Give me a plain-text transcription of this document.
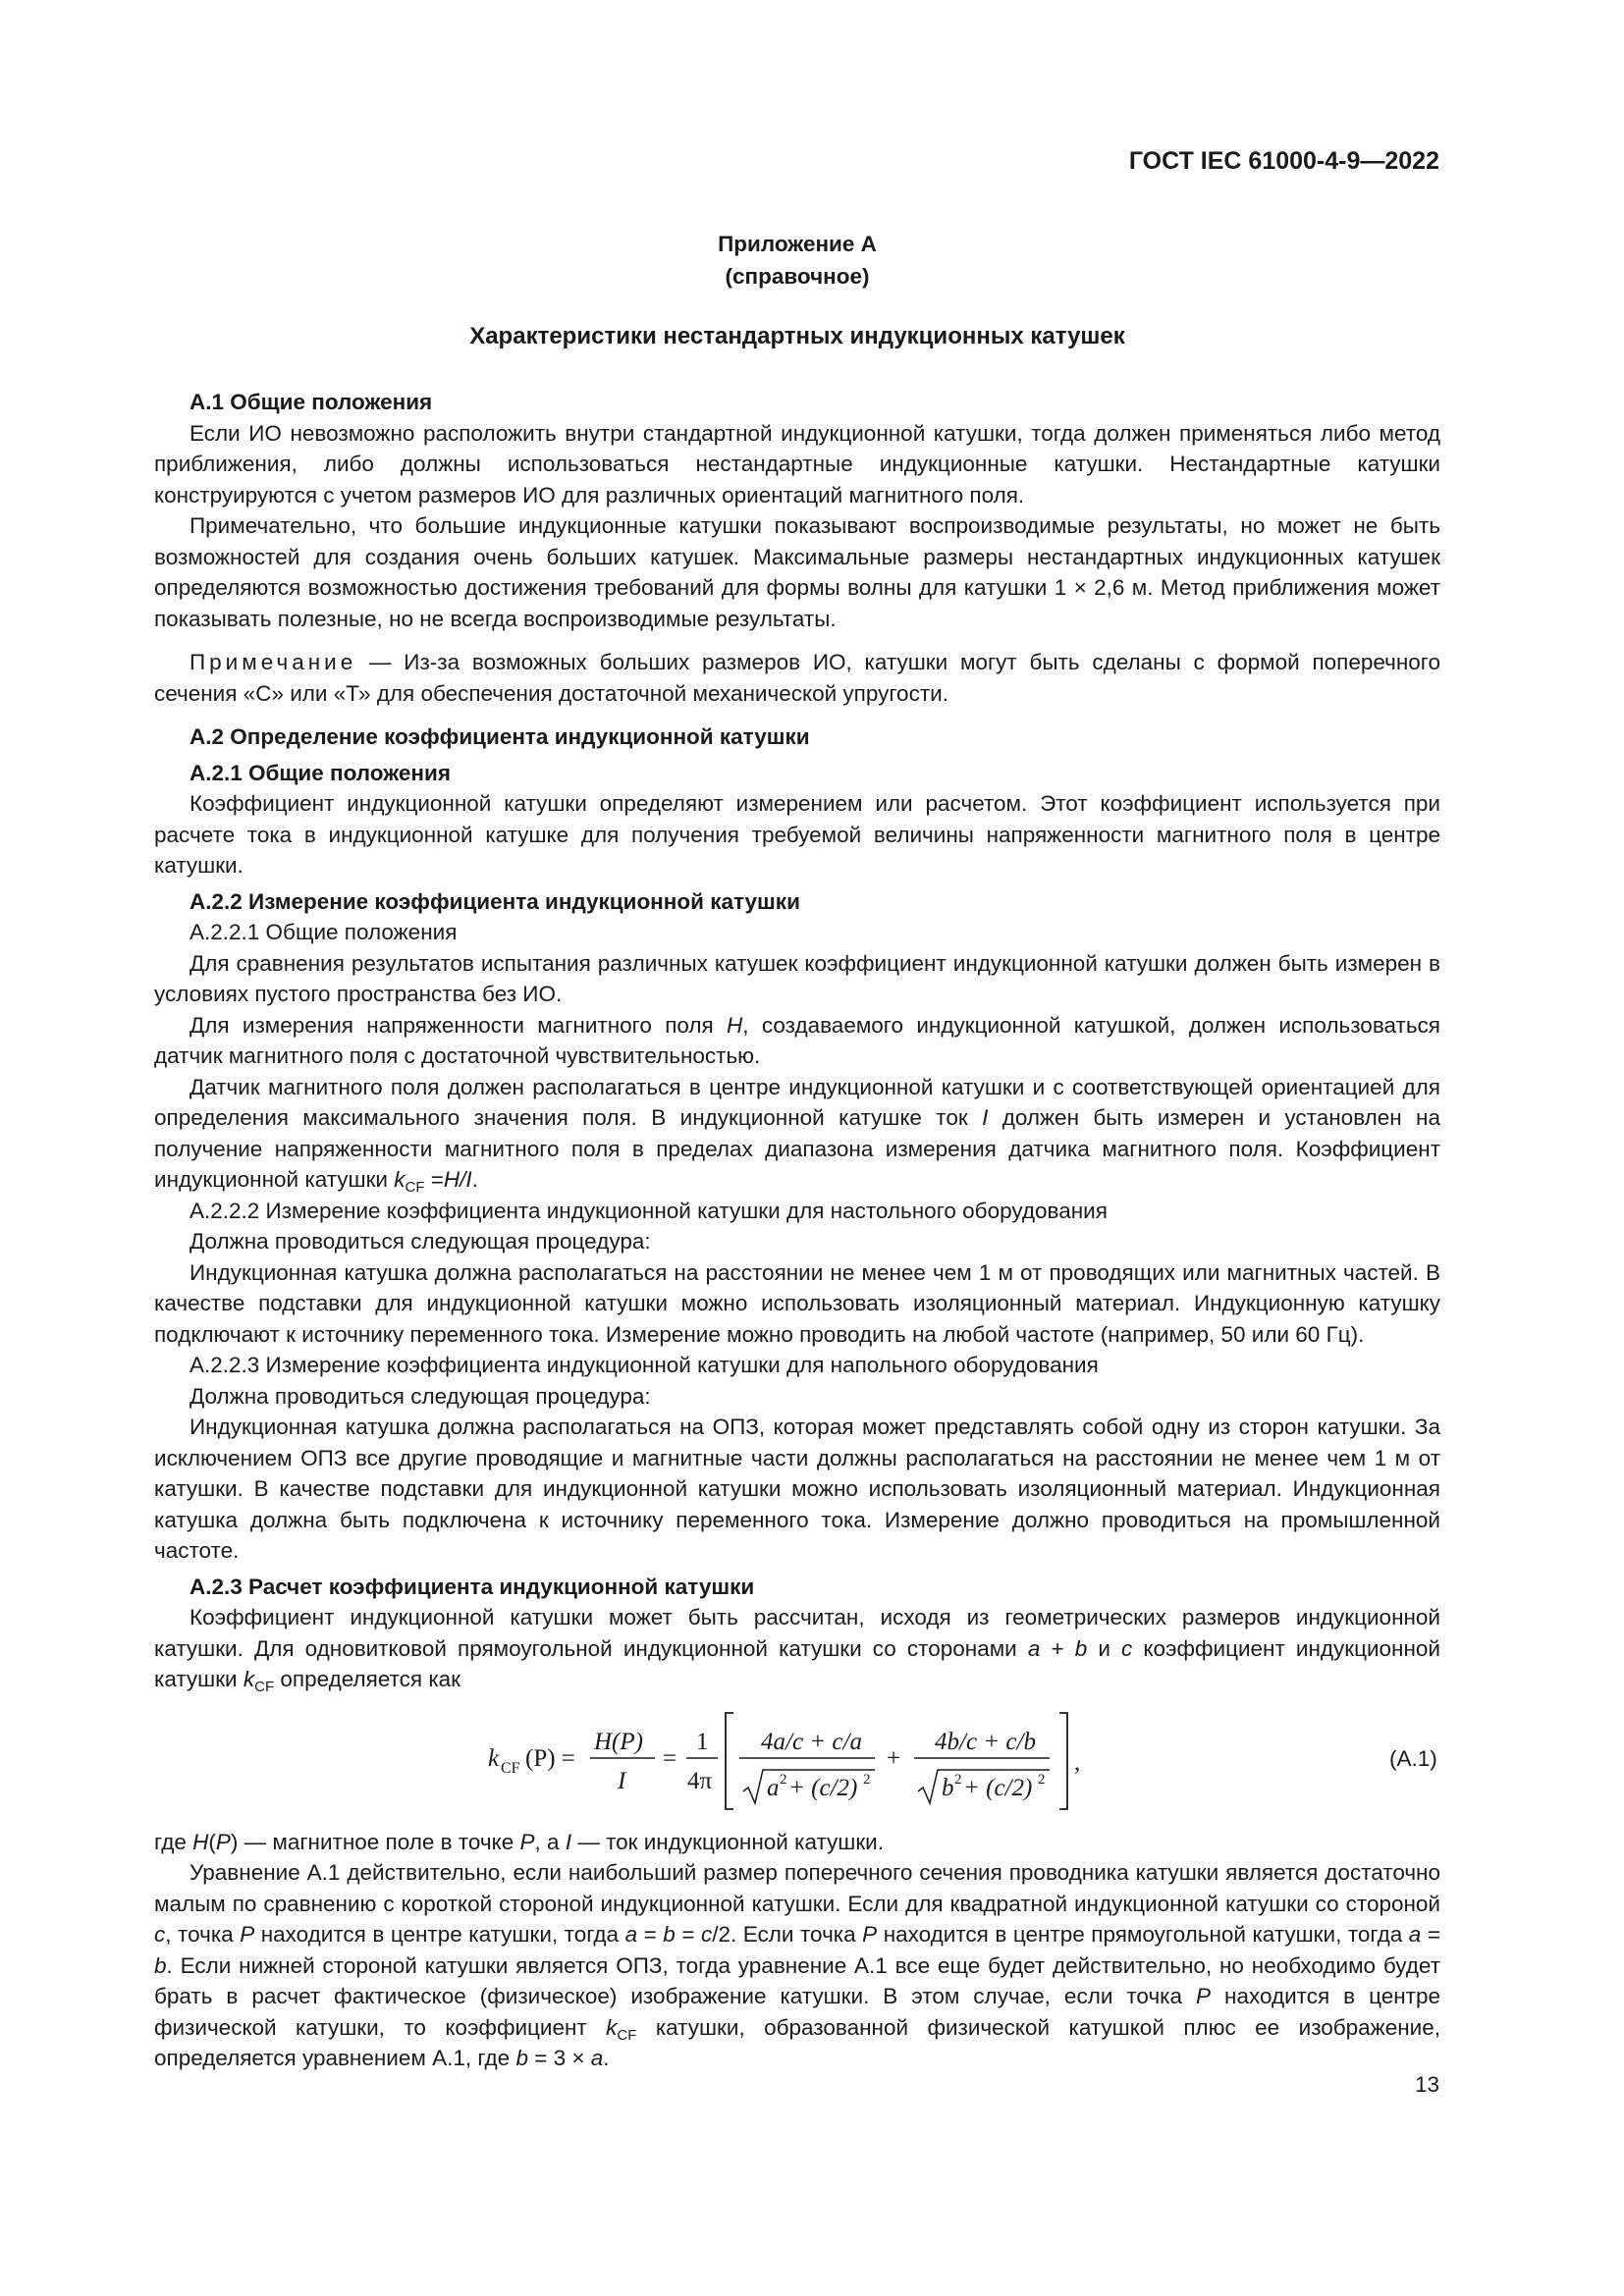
ГОСТ IEC 61000-4-9—2022
Приложение А
(справочное)
Характеристики нестандартных индукционных катушек

А.1 Общие положения

Если ИО невозможно расположить внутри стандартной индукционной катушки, тогда должен применяться либо метод приближения, либо должны использоваться нестандартные индукционные катушки. Нестандартные катушки конструируются с учетом размеров ИО для различных ориентаций магнитного поля.

Примечательно, что большие индукционные катушки показывают воспроизводимые результаты, но может не быть возможностей для создания очень больших катушек. Максимальные размеры нестандартных индукционных катушек определяются возможностью достижения требований для формы волны для катушки 1 × 2,6 м. Метод приближения может показывать полезные, но не всегда воспроизводимые результаты.

Примечание — Из-за возможных больших размеров ИО, катушки могут быть сделаны с формой поперечного сечения «С» или «Т» для обеспечения достаточной механической упругости.

А.2 Определение коэффициента индукционной катушки

А.2.1 Общие положения

Коэффициент индукционной катушки определяют измерением или расчетом. Этот коэффициент используется при расчете тока в индукционной катушке для получения требуемой величины напряженности магнитного поля в центре катушки.

А.2.2 Измерение коэффициента индукционной катушки

А.2.2.1 Общие положения

Для сравнения результатов испытания различных катушек коэффициент индукционной катушки должен быть измерен в условиях пустого пространства без ИО.

Для измерения напряженности магнитного поля H, создаваемого индукционной катушкой, должен использоваться датчик магнитного поля с достаточной чувствительностью.

Датчик магнитного поля должен располагаться в центре индукционной катушки и с соответствующей ориентацией для определения максимального значения поля. В индукционной катушке ток I должен быть измерен и установлен на получение напряженности магнитного поля в пределах диапазона измерения датчика магнитного поля. Коэффициент индукционной катушки $k_{CF} =H/I$.

А.2.2.2 Измерение коэффициента индукционной катушки для настольного оборудования

Должна проводиться следующая процедура:

Индукционная катушка должна располагаться на расстоянии не менее чем 1 м от проводящих или магнитных частей. В качестве подставки для индукционной катушки можно использовать изоляционный материал. Индукционную катушку подключают к источнику переменного тока. Измерение можно проводить на любой частоте (например, 50 или 60 Гц).

А.2.2.3 Измерение коэффициента индукционной катушки для напольного оборудования

Должна проводиться следующая процедура:

Индукционная катушка должна располагаться на ОПЗ, которая может представлять собой одну из сторон катушки. За исключением ОПЗ все другие проводящие и магнитные части должны располагаться на расстоянии не менее чем 1 м от катушки. В качестве подставки для индукционной катушки можно использовать изоляционный материал. Индукционная катушка должна быть подключена к источнику переменного тока. Измерение должно проводиться на промышленной частоте.

А.2.3 Расчет коэффициента индукционной катушки

Коэффициент индукционной катушки может быть рассчитан, исходя из геометрических размеров индукционной катушки. Для одновитковой прямоугольной индукционной катушки со сторонами a + b и c коэффициент индукционной катушки $k_{CF}$ определяется как

k CF (P) =
H(P)
I
=
1
4π
4a/c + c/a
a 2 + (c/2) 2
+
4b/c + c/b
b 2 + (c/2) 2
,	(А.1)

где H(P) — магнитное поле в точке P, а I — ток индукционной катушки.

Уравнение А.1 действительно, если наибольший размер поперечного сечения проводника катушки является достаточно малым по сравнению с короткой стороной индукционной катушки. Если для квадратной индукционной катушки со стороной c, точка P находится в центре катушки, тогда a = b = c/2. Если точка P находится в центре прямоугольной катушки, тогда a = b. Если нижней стороной катушки является ОПЗ, тогда уравнение А.1 все еще будет действительно, но необходимо будет брать в расчет фактическое (физическое) изображение катушки. В этом случае, если точка P находится в центре физической катушки, то коэффициент $k_{CF}$ катушки, образованной физической катушкой плюс ее изображение, определяется уравнением А.1, где b = 3 × a.

13
